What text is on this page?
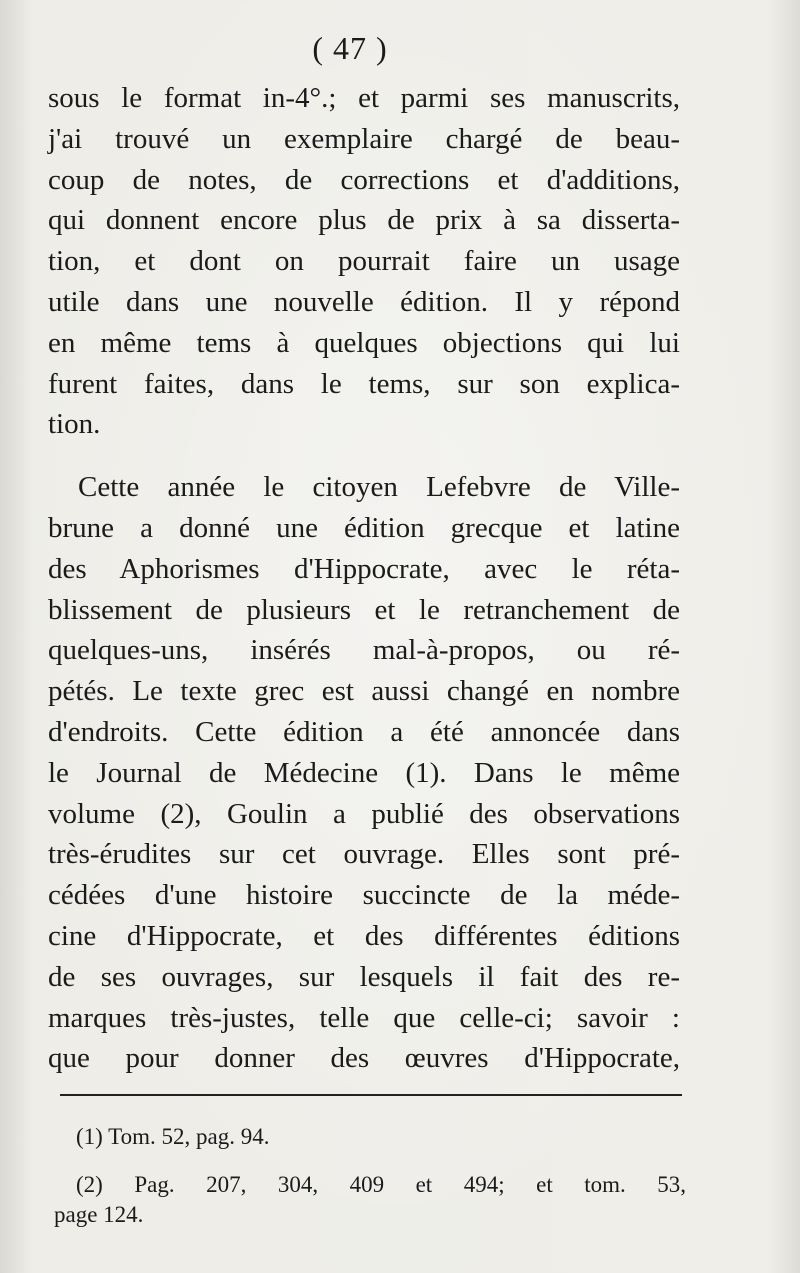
( 47 )
sous le format in-4°.; et parmi ses manuscrits,
j'ai trouvé un exemplaire chargé de beau-
coup de notes, de corrections et d'additions,
qui donnent encore plus de prix à sa disserta-
tion, et dont on pourrait faire un usage
utile dans une nouvelle édition. Il y répond
en même tems à quelques objections qui lui
furent faites, dans le tems, sur son explica-
tion.
Cette année le citoyen Lefebvre de Ville-
brune a donné une édition grecque et latine
des Aphorismes d'Hippocrate, avec le réta-
blissement de plusieurs et le retranchement de
quelques-uns, insérés mal-à-propos, ou ré-
pétés. Le texte grec est aussi changé en nombre
d'endroits. Cette édition a été annoncée dans
le Journal de Médecine (1). Dans le même
volume (2), Goulin a publié des observations
très-érudites sur cet ouvrage. Elles sont pré-
cédées d'une histoire succincte de la méde-
cine d'Hippocrate, et des différentes éditions
de ses ouvrages, sur lesquels il fait des re-
marques très-justes, telle que celle-ci; savoir :
que pour donner des œuvres d'Hippocrate,
(1) Tom. 52, pag. 94.
(2) Pag. 207, 304, 409 et 494; et tom. 53,
page 124.
